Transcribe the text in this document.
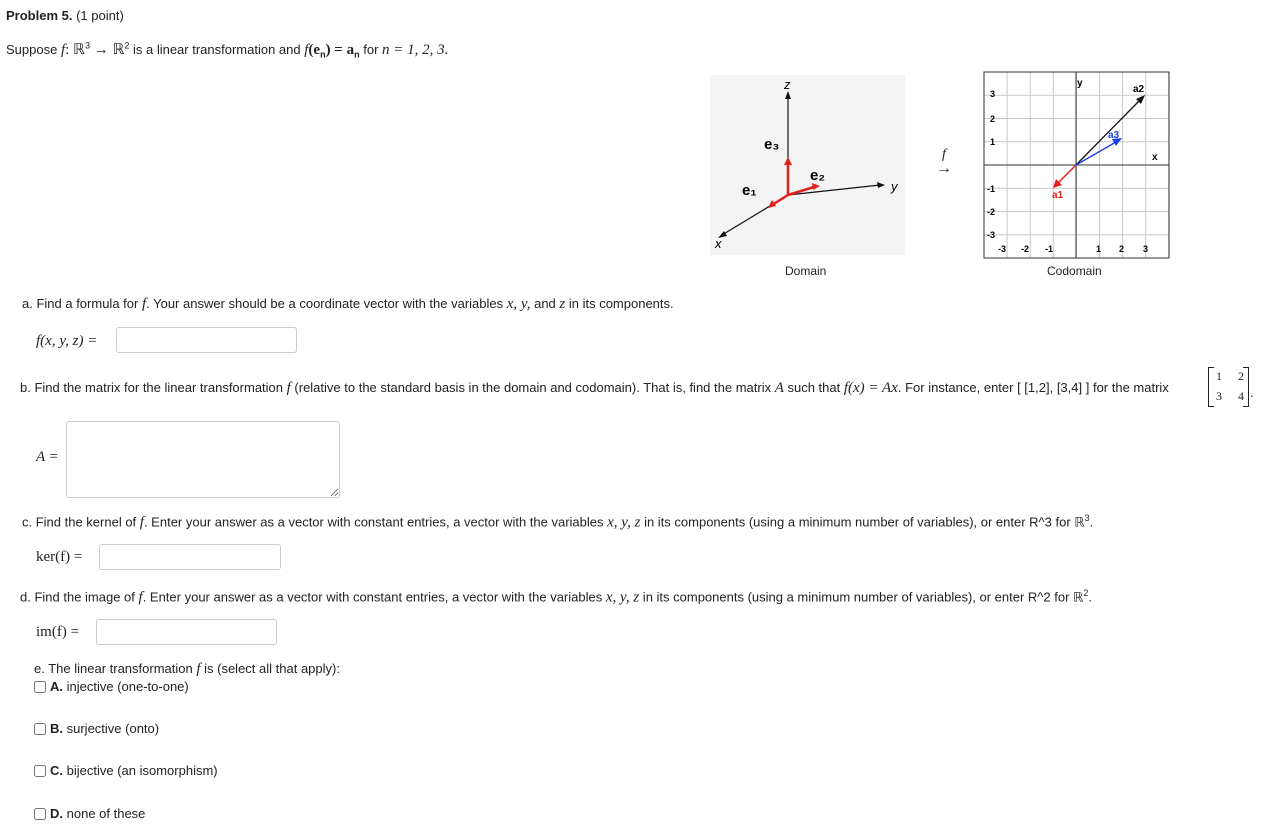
Problem 5. (1 point)
Suppose f: ℝ$^3$ → ℝ$^2$ is a linear transformation and $f(e_n) = a_n$ for n = 1, 2, 3.
z
y
x
e₃
e₂
e₁
Domain
f
→
y
x
a2
a3
a1
-3 -2 -1	1 2 3
3
2
1
-1
-2
-3
Codomain
a. Find a formula for f. Your answer should be a coordinate vector with the variables x, y, and z in its components.
f(x, y, z) =
b. Find the matrix for the linear transformation f (relative to the standard basis in the domain and codomain). That is, find the matrix A such that f(x) = Ax. For instance, enter [ [1,2], [3,4] ] for the matrix
1 2
3 4 .
A =
c. Find the kernel of f. Enter your answer as a vector with constant entries, a vector with the variables x, y, z in its components (using a minimum number of variables), or enter R^3 for ℝ$^3$.
ker(f) =
d. Find the image of f. Enter your answer as a vector with constant entries, a vector with the variables x, y, z in its components (using a minimum number of variables), or enter R^2 for ℝ$^2$.
im(f) =
e. The linear transformation f is (select all that apply):
A.
injective (one-to-one)
B.
surjective (onto)
C.
bijective (an isomorphism)
D.
none of these
